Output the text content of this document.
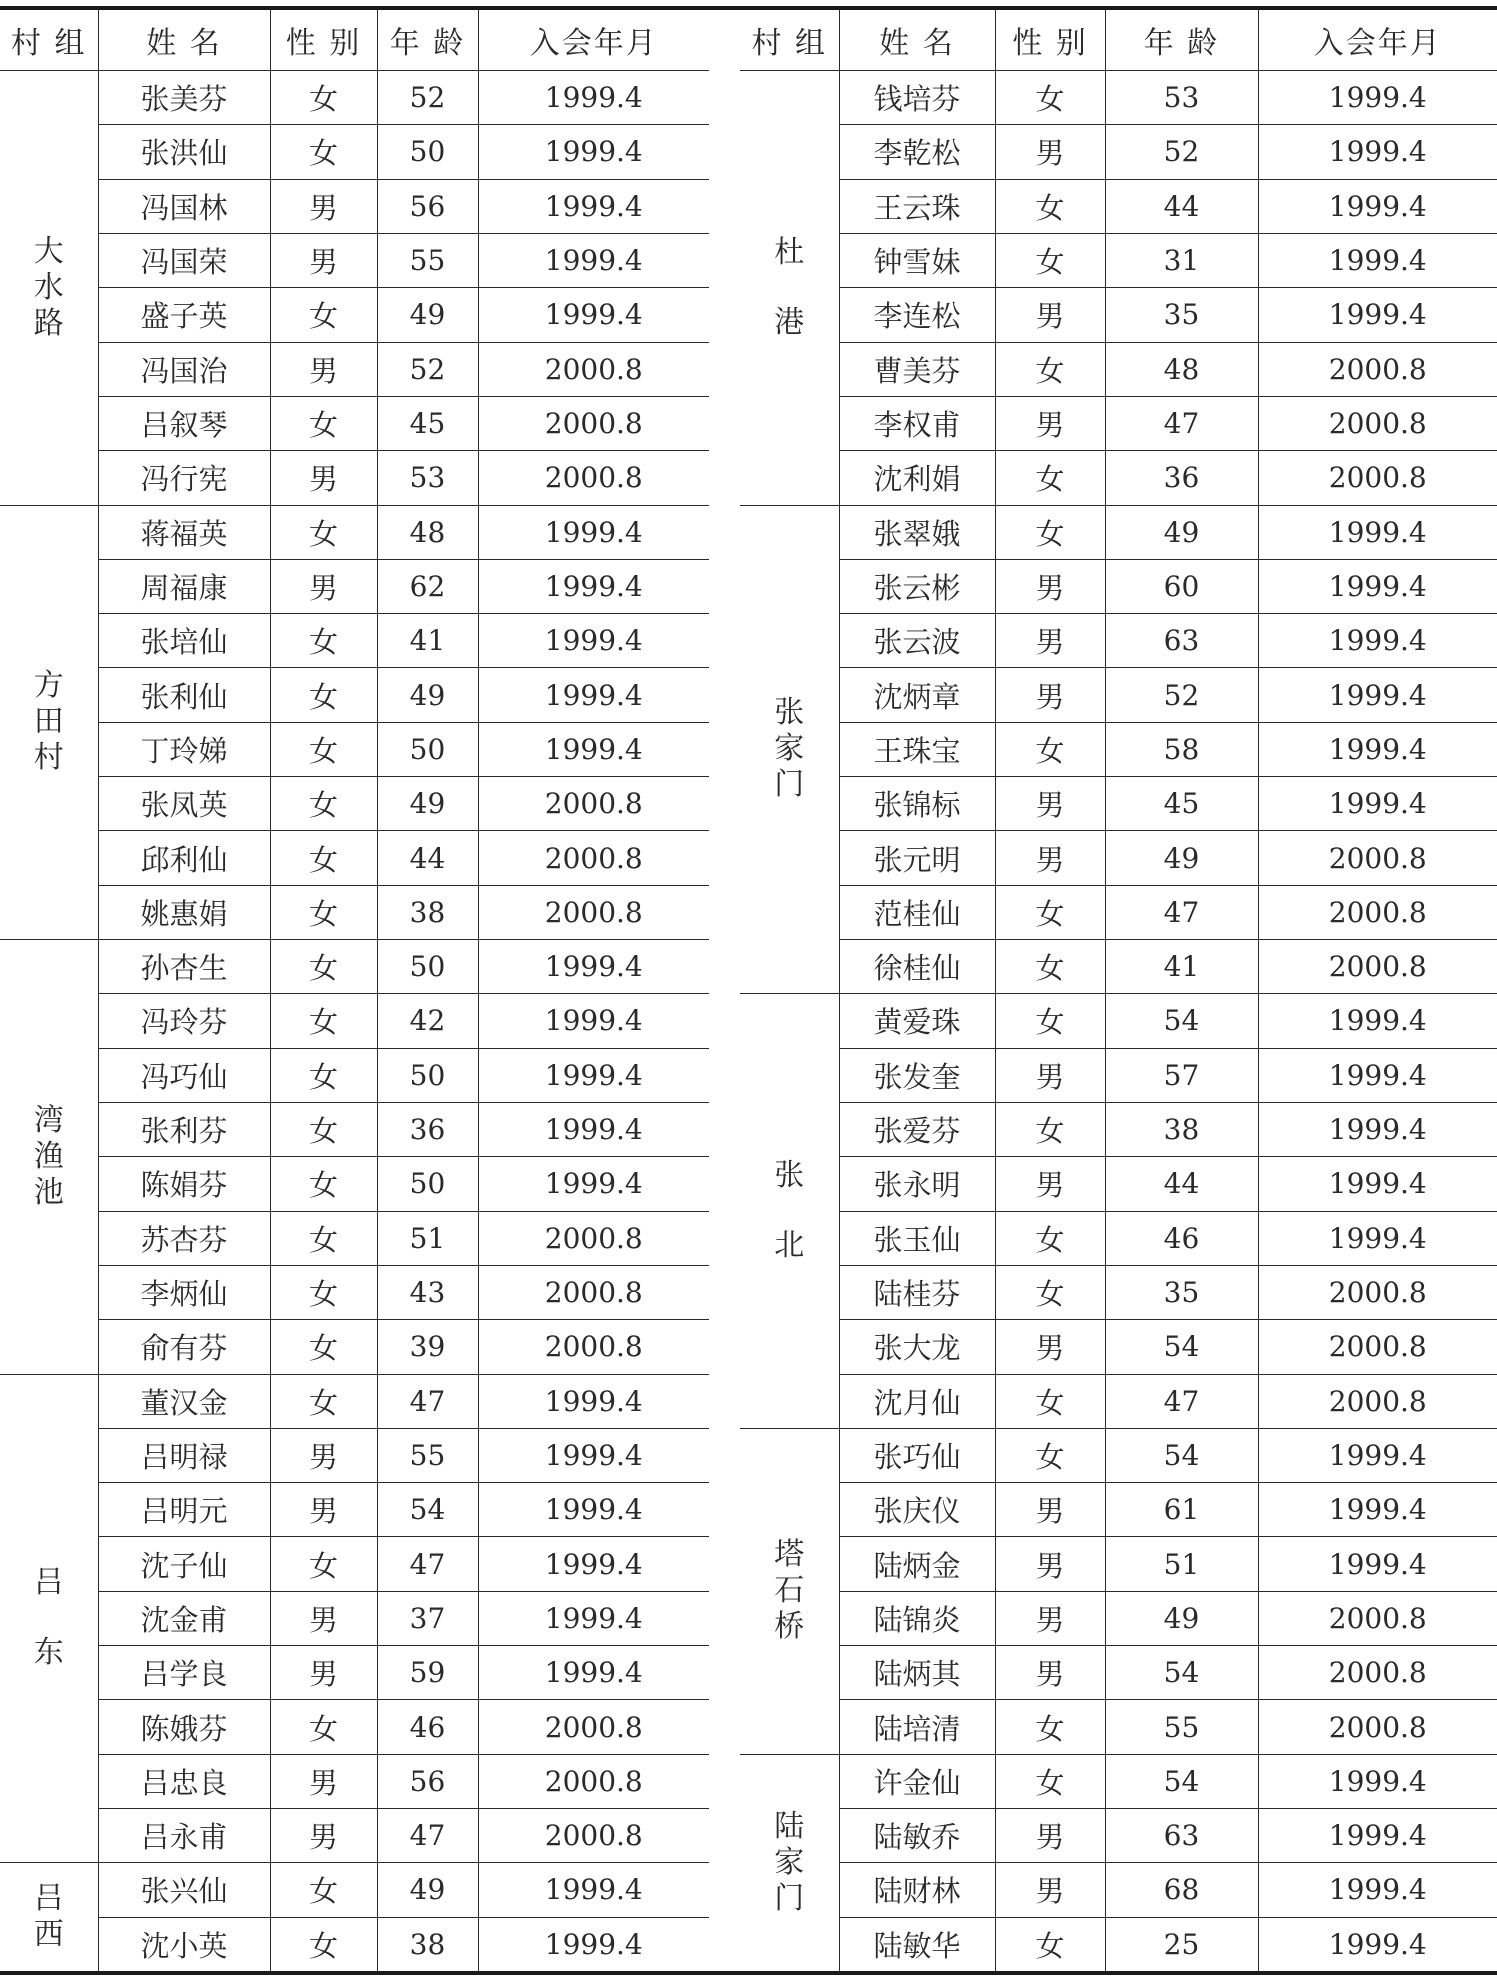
村 组	姓 名	性 别	年 龄	入会年月
大水路	张美芬	女	52	1999.4
	张洪仙	女	50	1999.4
	冯国林	男	56	1999.4
	冯国荣	男	55	1999.4
	盛子英	女	49	1999.4
	冯国治	男	52	2000.8
	吕叙琴	女	45	2000.8
	冯行宪	男	53	2000.8
方田村	蒋福英	女	48	1999.4
	周福康	男	62	1999.4
	张培仙	女	41	1999.4
	张利仙	女	49	1999.4
	丁玲娣	女	50	1999.4
	张凤英	女	49	2000.8
	邱利仙	女	44	2000.8
	姚惠娟	女	38	2000.8
湾渔池	孙杏生	女	50	1999.4
	冯玲芬	女	42	1999.4
	冯巧仙	女	50	1999.4
	张利芬	女	36	1999.4
	陈娟芬	女	50	1999.4
	苏杏芬	女	51	2000.8
	李炳仙	女	43	2000.8
	俞有芬	女	39	2000.8
吕东	董汉金	女	47	1999.4
	吕明禄	男	55	1999.4
	吕明元	男	54	1999.4
	沈子仙	女	47	1999.4
	沈金甫	男	37	1999.4
	吕学良	男	59	1999.4
	陈娥芬	女	46	2000.8
	吕忠良	男	56	2000.8
	吕永甫	男	47	2000.8
吕西	张兴仙	女	49	1999.4
	沈小英	女	38	1999.4
村 组	姓 名	性 别	年 龄	入会年月
杜港	钱培芬	女	53	1999.4
	李乾松	男	52	1999.4
	王云珠	女	44	1999.4
	钟雪妹	女	31	1999.4
	李连松	男	35	1999.4
	曹美芬	女	48	2000.8
	李权甫	男	47	2000.8
	沈利娟	女	36	2000.8
张家门	张翠娥	女	49	1999.4
	张云彬	男	60	1999.4
	张云波	男	63	1999.4
	沈炳章	男	52	1999.4
	王珠宝	女	58	1999.4
	张锦标	男	45	1999.4
	张元明	男	49	2000.8
	范桂仙	女	47	2000.8
	徐桂仙	女	41	2000.8
张北	黄爱珠	女	54	1999.4
	张发奎	男	57	1999.4
	张爱芬	女	38	1999.4
	张永明	男	44	1999.4
	张玉仙	女	46	1999.4
	陆桂芬	女	35	2000.8
	张大龙	男	54	2000.8
	沈月仙	女	47	2000.8
塔石桥	张巧仙	女	54	1999.4
	张庆仪	男	61	1999.4
	陆炳金	男	51	1999.4
	陆锦炎	男	49	2000.8
	陆炳其	男	54	2000.8
	陆培清	女	55	2000.8
陆家门	许金仙	女	54	1999.4
	陆敏乔	男	63	1999.4
	陆财林	男	68	1999.4
	陆敏华	女	25	1999.4
